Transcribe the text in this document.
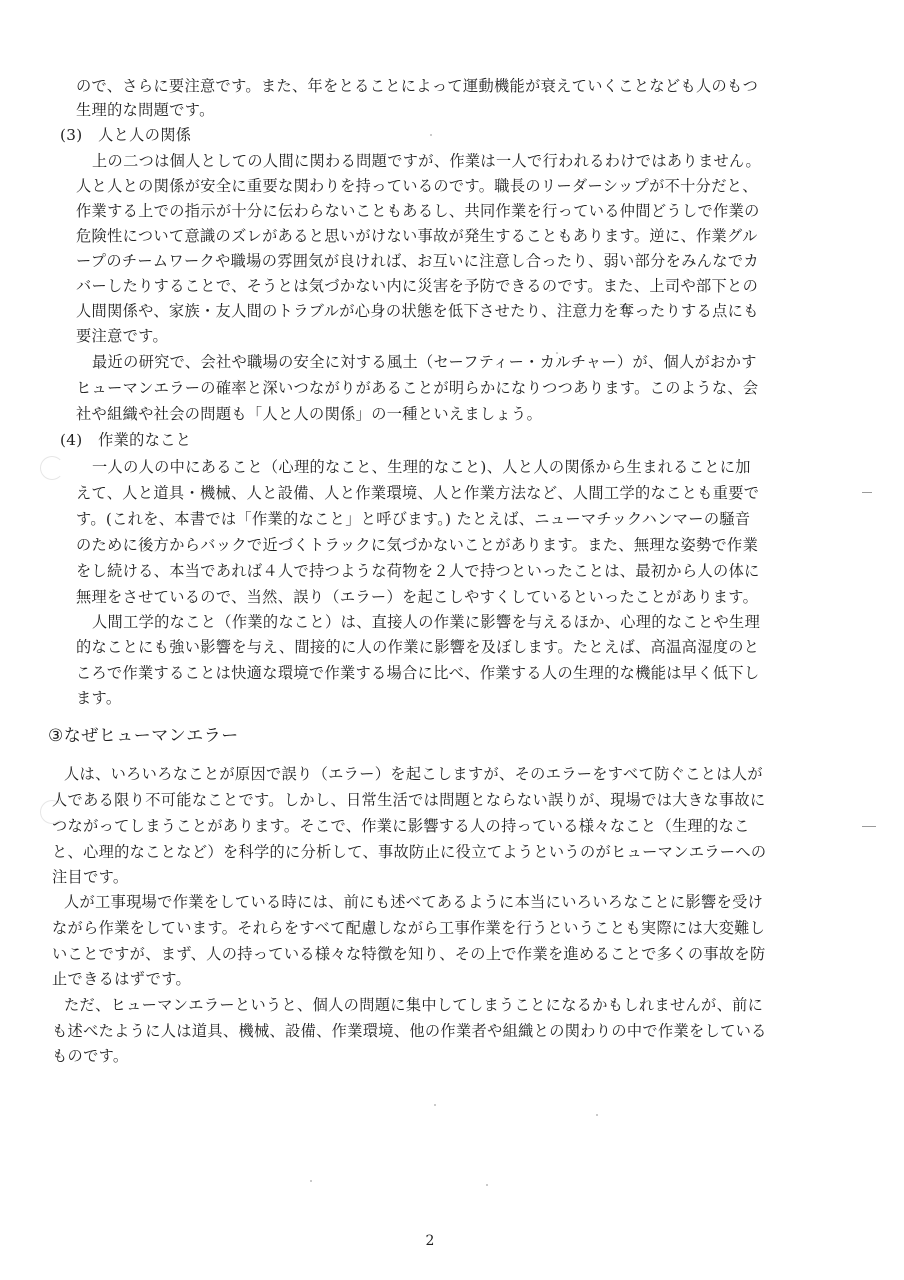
ので、さらに要注意です。また、年をとることによって運動機能が衰えていくことなども人のもつ

生理的な問題です。

(3)　人と人の関係

上の二つは個人としての人間に関わる問題ですが、作業は一人で行われるわけではありません。

人と人との関係が安全に重要な関わりを持っているのです。職長のリーダーシップが不十分だと、

作業する上での指示が十分に伝わらないこともあるし、共同作業を行っている仲間どうしで作業の

危険性について意識のズレがあると思いがけない事故が発生することもあります。逆に、作業グル

ープのチームワークや職場の雰囲気が良ければ、お互いに注意し合ったり、弱い部分をみんなでカ

バーしたりすることで、そうとは気づかない内に災害を予防できるのです。また、上司や部下との

人間関係や、家族・友人間のトラブルが心身の状態を低下させたり、注意力を奪ったりする点にも

要注意です。

最近の研究で、会社や職場の安全に対する風土（セーフティー・カルチャー）が、個人がおかす

ヒューマンエラーの確率と深いつながりがあることが明らかになりつつあります。このような、会

社や組織や社会の問題も「人と人の関係」の一種といえましょう。

(4)　作業的なこと

一人の人の中にあること（心理的なこと、生理的なこと)、人と人の関係から生まれることに加

えて、人と道具・機械、人と設備、人と作業環境、人と作業方法など、人間工学的なことも重要で

す。(これを、本書では「作業的なこと」と呼びます。) たとえば、ニューマチックハンマーの騒音

のために後方からバックで近づくトラックに気づかないことがあります。また、無理な姿勢で作業

をし続ける、本当であれば４人で持つような荷物を２人で持つといったことは、最初から人の体に

無理をさせているので、当然、誤り（エラー）を起こしやすくしているといったことがあります。

人間工学的なこと（作業的なこと）は、直接人の作業に影響を与えるほか、心理的なことや生理

的なことにも強い影響を与え、間接的に人の作業に影響を及ぼします。たとえば、高温高湿度のと

ころで作業することは快適な環境で作業する場合に比べ、作業する人の生理的な機能は早く低下し

ます。

③なぜヒューマンエラー

人は、いろいろなことが原因で誤り（エラー）を起こしますが、そのエラーをすべて防ぐことは人が

人である限り不可能なことです。しかし、日常生活では問題とならない誤りが、現場では大きな事故に

つながってしまうことがあります。そこで、作業に影響する人の持っている様々なこと（生理的なこ

と、心理的なことなど）を科学的に分析して、事故防止に役立てようというのがヒューマンエラーへの

注目です。

人が工事現場で作業をしている時には、前にも述べてあるように本当にいろいろなことに影響を受け

ながら作業をしています。それらをすべて配慮しながら工事作業を行うということも実際には大変難し

いことですが、まず、人の持っている様々な特徴を知り、その上で作業を進めることで多くの事故を防

止できるはずです。

ただ、ヒューマンエラーというと、個人の問題に集中してしまうことになるかもしれませんが、前に

も述べたように人は道具、機械、設備、作業環境、他の作業者や組織との関わりの中で作業をしている

ものです。

2
